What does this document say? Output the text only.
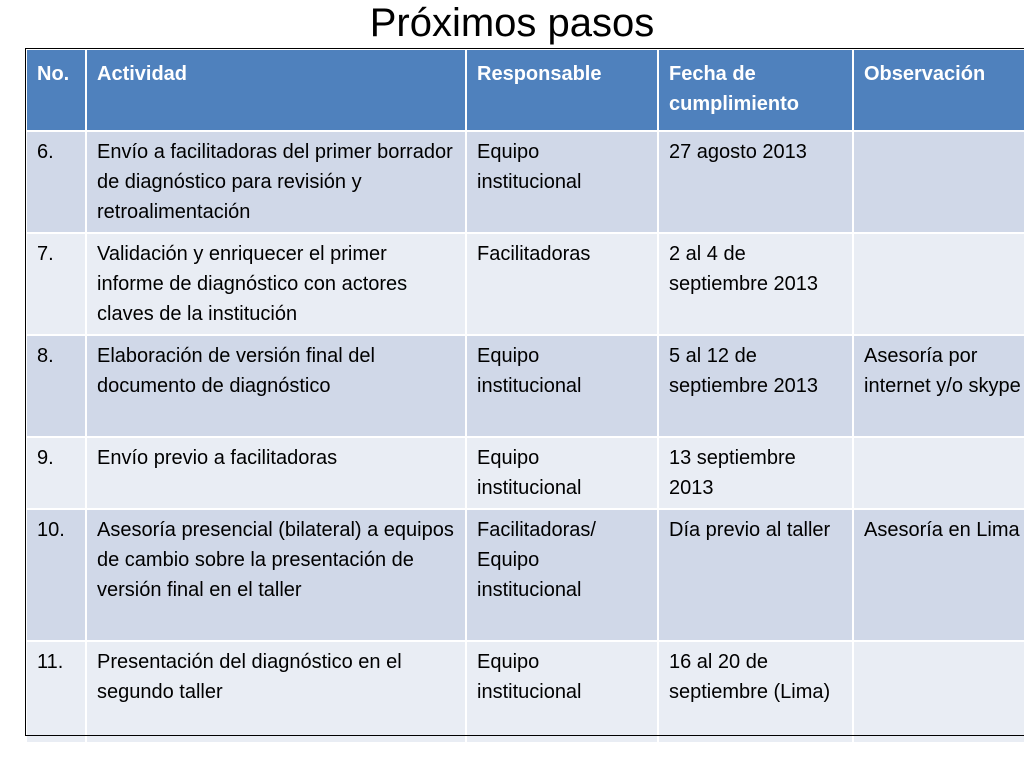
Próximos pasos
No.	Actividad	Responsable	Fecha de cumplimiento	Observación
6.	Envío a facilitadoras del primer borrador de diagnóstico para revisión y retroalimentación	Equipo institucional	27 agosto 2013	
7.	Validación y enriquecer el primer informe de diagnóstico con actores claves de la institución	Facilitadoras	2 al 4 de septiembre 2013	
8.	Elaboración de versión final del documento de diagnóstico	Equipo institucional	5 al 12 de septiembre 2013	Asesoría por internet y/o skype
9.	Envío previo a facilitadoras	Equipo institucional	13 septiembre 2013	
10.	Asesoría presencial (bilateral) a equipos de cambio sobre la presentación de versión final en el taller	Facilitadoras/ Equipo institucional	Día previo al taller	Asesoría en Lima
11.	Presentación del diagnóstico en el segundo taller	Equipo institucional	16 al 20 de septiembre (Lima)	
